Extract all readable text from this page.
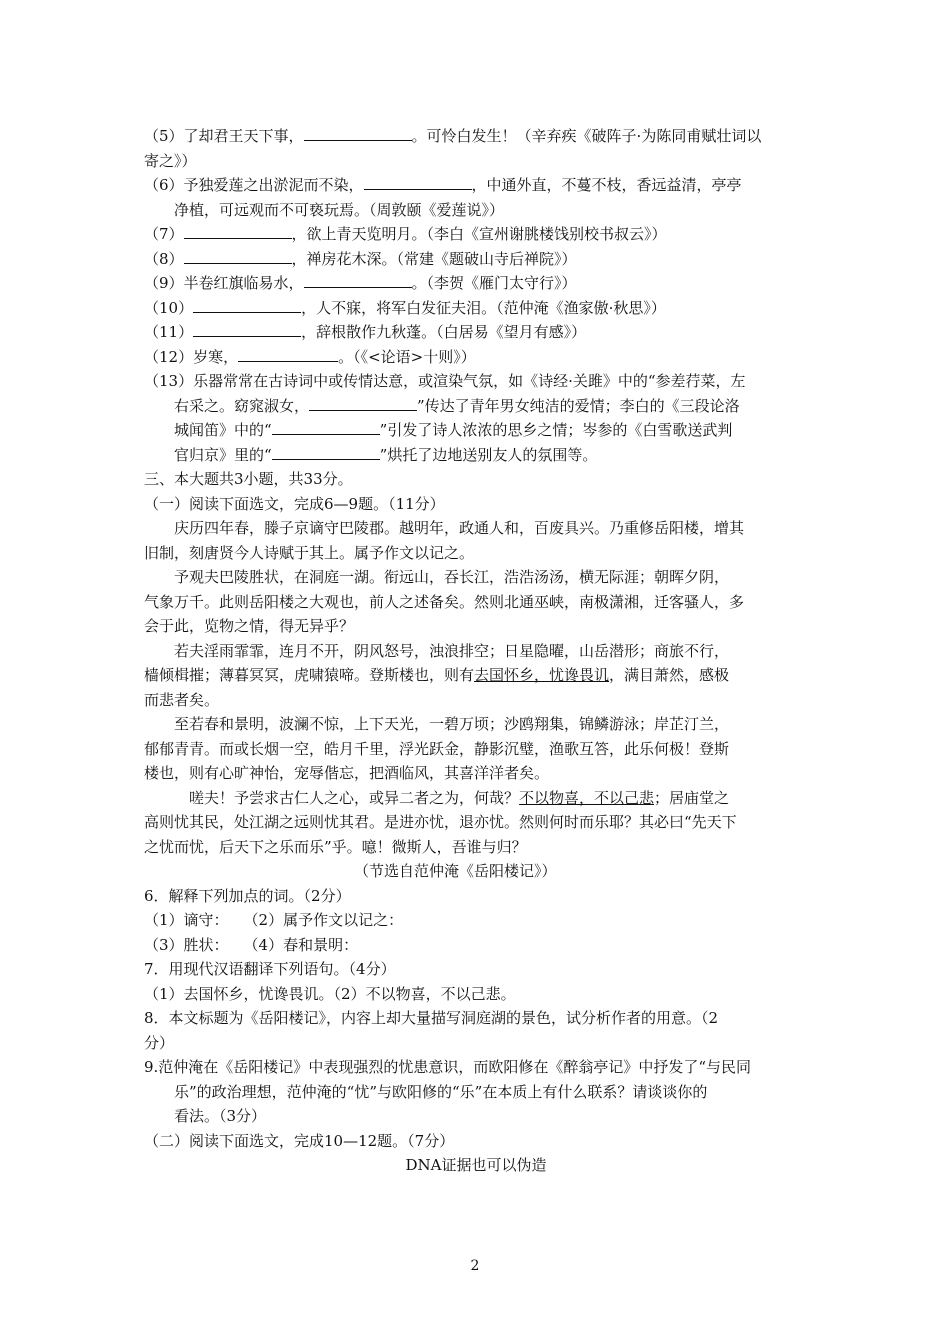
（5）了却君王天下事，	。可怜白发生！（辛弃疾《破阵子·为陈同甫赋壮词以
寄之》）
（6）予独爱莲之出淤泥而不染，	，中通外直，不蔓不枝，香远益清，亭亭
净植，可远观而不可亵玩焉。（周敦颐《爱莲说》）
（7）	，欲上青天览明月。（李白《宣州谢朓楼饯别校书叔云》）
（8）	，禅房花木深。（常建《题破山寺后禅院》）
（9）半卷红旗临易水，	。（李贺《雁门太守行》）
（10）	，人不寐，将军白发征夫泪。（范仲淹《渔家傲·秋思》）
（11）	，辞根散作九秋蓬。（白居易《望月有感》）
（12）岁寒，	。（《<论语>十则》）
（13）乐器常常在古诗词中或传情达意，或渲染气氛，如《诗经·关雎》中的“参差荇菜，左
右采之。窈窕淑女，	”传达了青年男女纯洁的爱情；李白的《三段论洛
城闻笛》中的“	”引发了诗人浓浓的思乡之情；岑参的《白雪歌送武判
官归京》里的“	”烘托了边地送别友人的氛围等。
三、本大题共3小题，共33分。
（一）阅读下面选文，完成6—9题。（11分）
庆历四年春，滕子京谪守巴陵郡。越明年，政通人和，百废具兴。乃重修岳阳楼，增其
旧制，刻唐贤今人诗赋于其上。属予作文以记之。
予观夫巴陵胜状，在洞庭一湖。衔远山，吞长江，浩浩汤汤，横无际涯；朝晖夕阴，
气象万千。此则岳阳楼之大观也，前人之述备矣。然则北通巫峡，南极潇湘，迁客骚人，多
会于此，览物之情，得无异乎？
若夫淫雨霏霏，连月不开，阴风怒号，浊浪排空；日星隐曜，山岳潜形；商旅不行，
樯倾楫摧；薄暮冥冥，虎啸猿啼。登斯楼也，则有去国怀乡，忧谗畏讥，满目萧然，感极
而悲者矣。
至若春和景明，波澜不惊，上下天光，一碧万顷；沙鸥翔集，锦鳞游泳；岸芷汀兰，
郁郁青青。而或长烟一空，皓月千里，浮光跃金，静影沉璧，渔歌互答，此乐何极！登斯
楼也，则有心旷神怡，宠辱偕忘，把酒临风，其喜洋洋者矣。
嗟夫！予尝求古仁人之心，或异二者之为，何哉？不以物喜，不以己悲；居庙堂之
高则忧其民，处江湖之远则忧其君。是进亦忧，退亦忧。然则何时而乐耶？其必曰“先天下
之忧而忧，后天下之乐而乐”乎。噫！微斯人，吾谁与归？
（节选自范仲淹《岳阳楼记》）
6．解释下列加点的词。（2分）
（1）谪守：　　（2）属予作文以记之：
（3）胜状：　　（4）春和景明：
7．用现代汉语翻译下列语句。（4分）
（1）去国怀乡，忧谗畏讥。（2）不以物喜，不以己悲。
8．本文标题为《岳阳楼记》，内容上却大量描写洞庭湖的景色，试分析作者的用意。（2
分）
9.范仲淹在《岳阳楼记》中表现强烈的忧患意识，而欧阳修在《醉翁亭记》中抒发了“与民同
乐”的政治理想，范仲淹的“忧”与欧阳修的“乐”在本质上有什么联系？请谈谈你的
看法。（3分）
（二）阅读下面选文，完成10—12题。（7分）
DNA证据也可以伪造
2
